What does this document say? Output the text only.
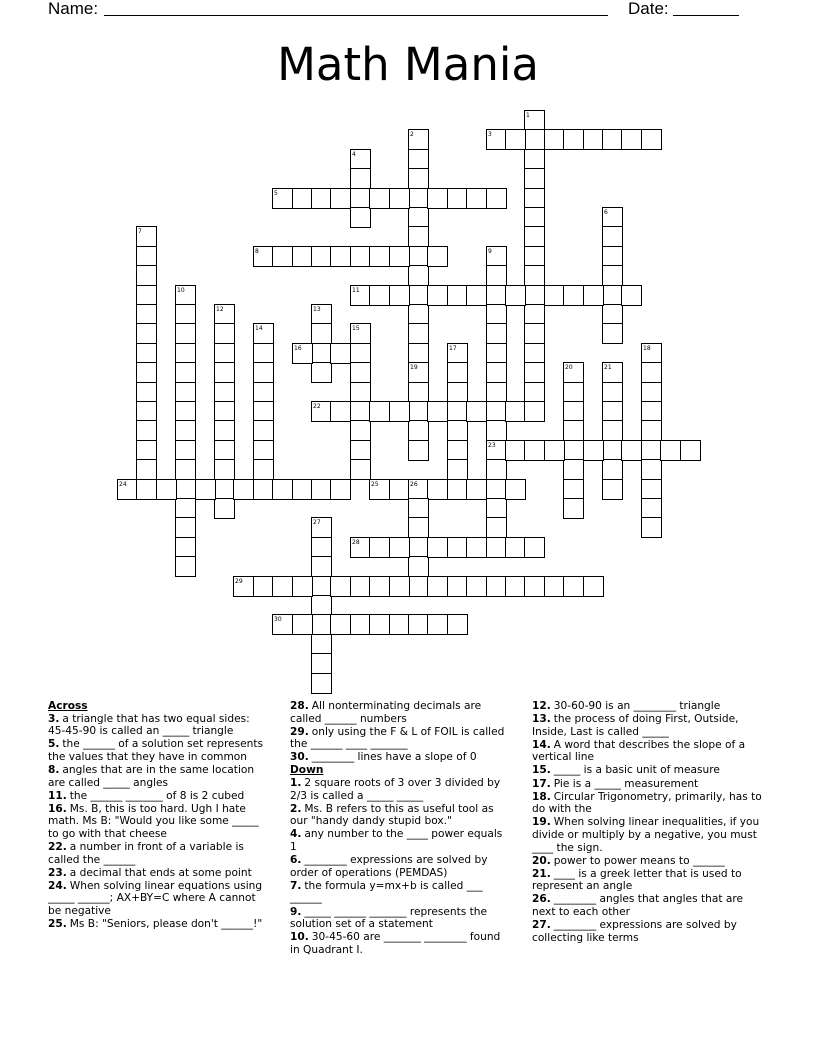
Name:	Date:
Math Mania
1
2	3
4
5
6
7
8	9
10	11
12	13
14	15
16	17	18
19	20	21
22
23
24	25	26
27
28
29
30
Across
3. a triangle that has two equal sides: 45-45-90 is called an _____ triangle
5. the ______ of a solution set represents the values that they have in common
8. angles that are in the same location are called _____ angles
11. the ______ _______ of 8 is 2 cubed
16. Ms. B, this is too hard. Ugh I hate math. Ms B: "Would you like some _____ to go with that cheese
22. a number in front of a variable is called the ______
23. a decimal that ends at some point
24. When solving linear equations using _____ ______; AX+BY=C where A cannot be negative
25. Ms B: "Seniors, please don't ______!"
28. All nonterminating decimals are called ______ numbers
29. only using the F & L of FOIL is called the ______ ____ _______
30. ________ lines have a slope of 0
Down
1. 2 square roots of 3 over 3 divided by 2/3 is called a _____ _____
2. Ms. B refers to this as useful tool as our "handy dandy stupid box."
4. any number to the ____ power equals 1
6. ________ expressions are solved by order of operations (PEMDAS)
7. the formula y=mx+b is called ___ ______
9. _____ ______ _______ represents the solution set of a statement
10. 30-45-60 are _______ ________ found in Quadrant I.
12. 30-60-90 is an ________ triangle
13. the process of doing First, Outside, Inside, Last is called _____
14. A word that describes the slope of a vertical line
15. _____ is a basic unit of measure
17. Pie is a _____ measurement
18. Circular Trigonometry, primarily, has to do with the
19. When solving linear inequalities, if you divide or multiply by a negative, you must ____ the sign.
20. power to power means to ______
21. ____ is a greek letter that is used to represent an angle
26. ________ angles that angles that are next to each other
27. ________ expressions are solved by collecting like terms
